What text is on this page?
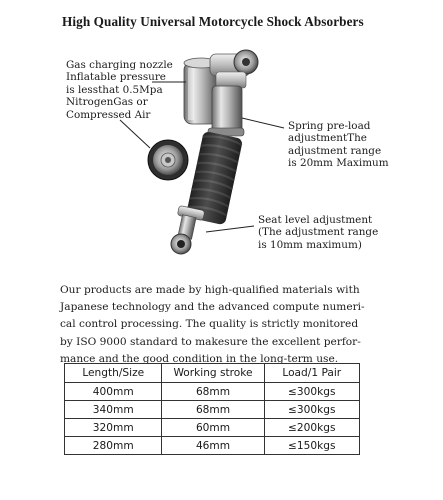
High Quality Universal Motorcycle Shock Absorbers
Gas charging nozzle
Inflatable pressure
is lessthat 0.5Mpa
NitrogenGas or
Compressed Air
Spring pre-load
adjustmentThe
adjustment range
is 20mm Maximum
Seat level adjustment
(The adjustment range
is 10mm maximum)
Our products are made by high-qualified materials with
Japanese technology and the advanced compute numeri-
cal control processing. The quality is strictly monitored
by ISO 9000 standard to makesure the excellent perfor-
mance and the good condition in the long-term use.
Length/Size	Working stroke	Load/1 Pair
400mm	68mm	≤300kgs
340mm	68mm	≤300kgs
320mm	60mm	≤200kgs
280mm	46mm	≤150kgs
